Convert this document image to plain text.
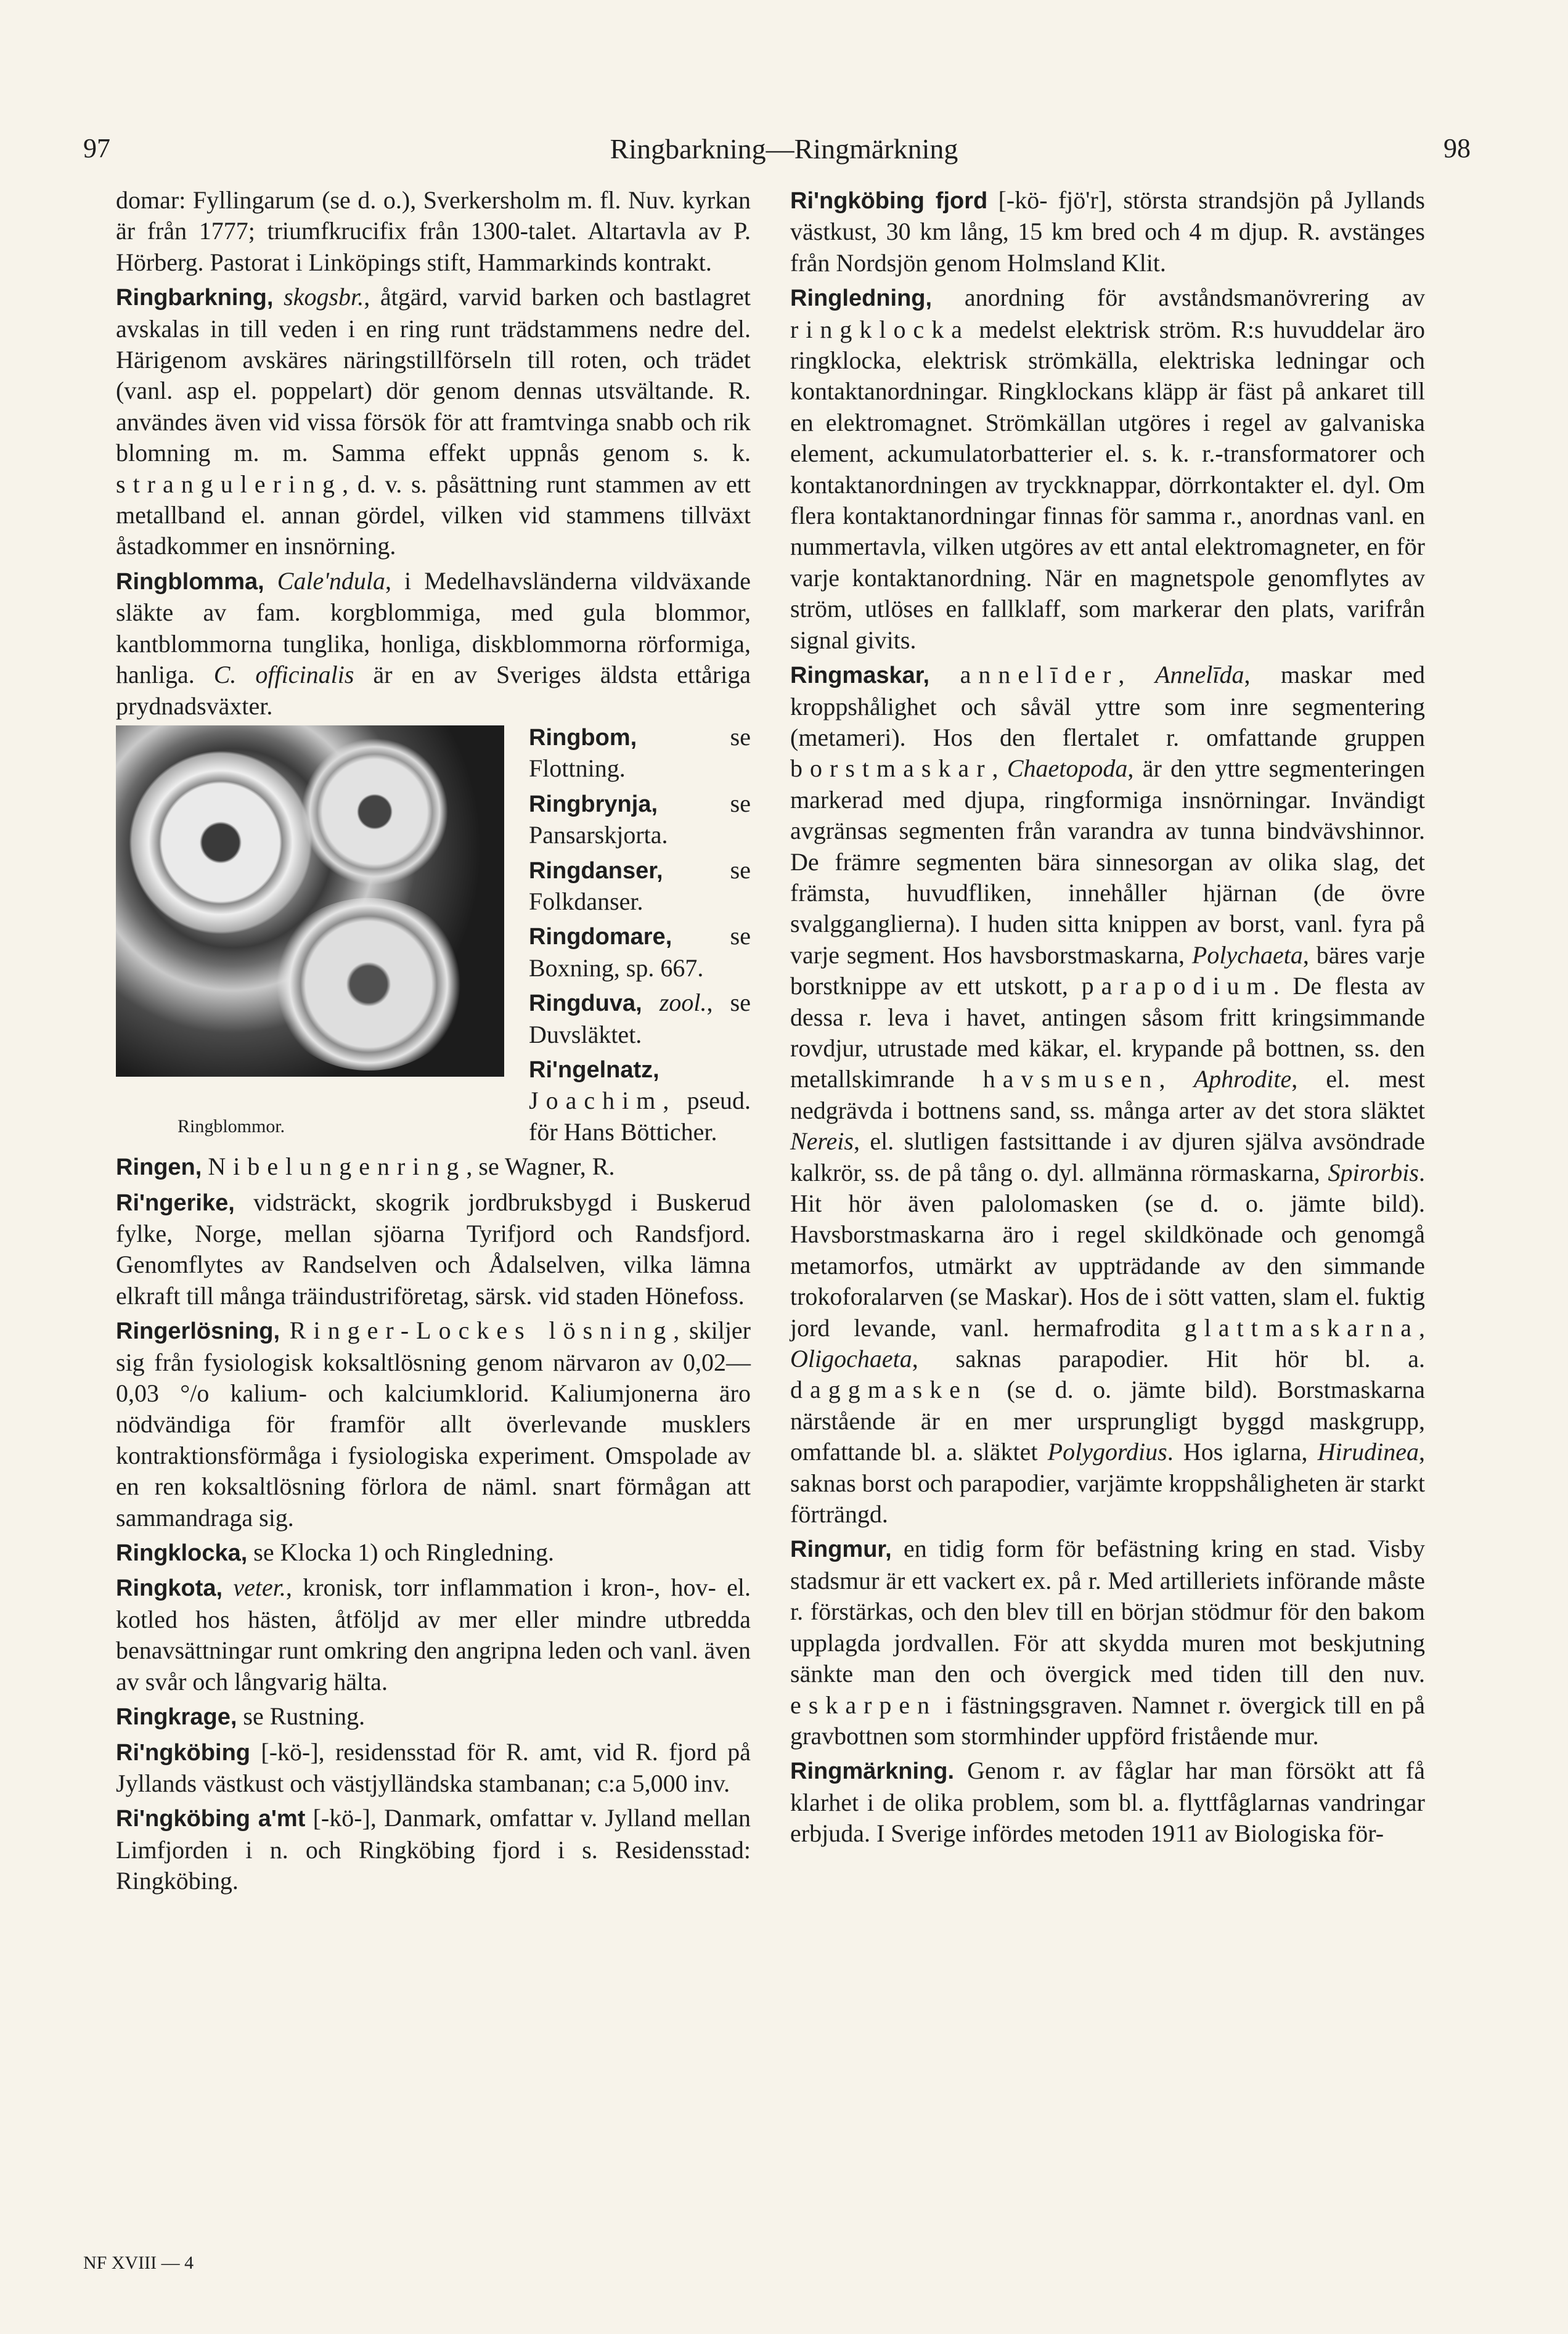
97	Ringbarkning—Ringmärkning	98

domar: Fyllingarum (se d. o.), Sverkersholm m. fl. Nuv. kyrkan är från 1777; triumfkrucifix från 1300-talet. Altartavla av P. Hörberg. Pastorat i Linköpings stift, Hammarkinds kontrakt.

Ringbarkning, skogsbr., åtgärd, varvid barken och bastlagret avskalas in till veden i en ring runt trädstammens nedre del. Härigenom avskäres näringstillförseln till roten, och trädet (vanl. asp el. poppelart) dör genom dennas utsvältande. R. användes även vid vissa försök för att framtvinga snabb och rik blomning m. m. Samma effekt uppnås genom s. k. strangulering, d. v. s. påsättning runt stammen av ett metallband el. annan gördel, vilken vid stammens tillväxt åstadkommer en insnörning.

Ringblomma, Cale'ndula, i Medelhavsländerna vildväxande släkte av fam. korgblommiga, med gula blommor, kantblommorna tunglika, honliga, diskblommorna rörformiga, hanliga. C. officinalis är en av Sveriges äldsta ettåriga prydnadsväxter.

Ringblommor.

Ringbom, se Flottning.

Ringbrynja, se Pansarskjorta.

Ringdanser, se Folkdanser.

Ringdomare, se Boxning, sp. 667.

Ringduva, zool., se Duvsläktet.

Ri'ngelnatz, Joachim, pseud. för Hans Bötticher.

Ringen, Nibelungenring, se Wagner, R.

Ri'ngerike, vidsträckt, skogrik jordbruksbygd i Buskerud fylke, Norge, mellan sjöarna Tyrifjord och Randsfjord. Genomflytes av Randselven och Ådalselven, vilka lämna elkraft till många träindustriföretag, särsk. vid staden Hönefoss.

Ringerlösning, Ringer-Lockes lösning, skiljer sig från fysiologisk koksaltlösning genom närvaron av 0,02—0,03 °/o kalium- och kalciumklorid. Kaliumjonerna äro nödvändiga för framför allt överlevande musklers kontraktionsförmåga i fysiologiska experiment. Omspolade av en ren koksaltlösning förlora de näml. snart förmågan att sammandraga sig.

Ringklocka, se Klocka 1) och Ringledning.

Ringkota, veter., kronisk, torr inflammation i kron-, hov- el. kotled hos hästen, åtföljd av mer eller mindre utbredda benavsättningar runt omkring den angripna leden och vanl. även av svår och långvarig hälta.

Ringkrage, se Rustning.

Ri'ngköbing [-kö-], residensstad för R. amt, vid R. fjord på Jyllands västkust och västjylländska stambanan; c:a 5,000 inv.

Ri'ngköbing a'mt [-kö-], Danmark, omfattar v. Jylland mellan Limfjorden i n. och Ringköbing fjord i s. Residensstad: Ringköbing.

NF XVIII — 4

Ri'ngköbing fjord [-kö- fjö'r], största strandsjön på Jyllands västkust, 30 km lång, 15 km bred och 4 m djup. R. avstänges från Nordsjön genom Holmsland Klit.

Ringledning, anordning för avståndsmanövrering av ringklocka medelst elektrisk ström. R:s huvuddelar äro ringklocka, elektrisk strömkälla, elektriska ledningar och kontaktanordningar. Ringklockans kläpp är fäst på ankaret till en elektromagnet. Strömkällan utgöres i regel av galvaniska element, ackumulatorbatterier el. s. k. r.-transformatorer och kontaktanordningen av tryckknappar, dörrkontakter el. dyl. Om flera kontaktanordningar finnas för samma r., anordnas vanl. en nummertavla, vilken utgöres av ett antal elektromagneter, en för varje kontaktanordning. När en magnetspole genomflytes av ström, utlöses en fallklaff, som markerar den plats, varifrån signal givits.

Ringmaskar, annelīder, Annelīda, maskar med kroppshålighet och såväl yttre som inre segmentering (metameri). Hos den flertalet r. omfattande gruppen borstmaskar, Chaetopoda, är den yttre segmenteringen markerad med djupa, ringformiga insnörningar. Invändigt avgränsas segmenten från varandra av tunna bindvävshinnor. De främre segmenten bära sinnesorgan av olika slag, det främsta, huvudfliken, innehåller hjärnan (de övre svalgganglierna). I huden sitta knippen av borst, vanl. fyra på varje segment. Hos havsborstmaskarna, Polychaeta, bäres varje borstknippe av ett utskott, parapodium. De flesta av dessa r. leva i havet, antingen såsom fritt kringsimmande rovdjur, utrustade med käkar, el. krypande på bottnen, ss. den metallskimrande havsmusen, Aphrodite, el. mest nedgrävda i bottnens sand, ss. många arter av det stora släktet Nereis, el. slutligen fastsittande i av djuren själva avsöndrade kalkrör, ss. de på tång o. dyl. allmänna rörmaskarna, Spirorbis. Hit hör även palolomasken (se d. o. jämte bild). Havsborstmaskarna äro i regel skildkönade och genomgå metamorfos, utmärkt av uppträdande av den simmande trokoforalarven (se Maskar). Hos de i sött vatten, slam el. fuktig jord levande, vanl. hermafrodita glattmaskarna, Oligochaeta, saknas parapodier. Hit hör bl. a. daggmasken (se d. o. jämte bild). Borstmaskarna närstående är en mer ursprungligt byggd maskgrupp, omfattande bl. a. släktet Polygordius. Hos iglarna, Hirudinea, saknas borst och parapodier, varjämte kroppshåligheten är starkt förträngd.

Ringmur, en tidig form för befästning kring en stad. Visby stadsmur är ett vackert ex. på r. Med artilleriets införande måste r. förstärkas, och den blev till en början stödmur för den bakom upplagda jordvallen. För att skydda muren mot beskjutning sänkte man den och övergick med tiden till den nuv. eskarpen i fästningsgraven. Namnet r. övergick till en på gravbottnen som stormhinder uppförd fristående mur.

Ringmärkning. Genom r. av fåglar har man försökt att få klarhet i de olika problem, som bl. a. flyttfåglarnas vandringar erbjuda. I Sverige infördes metoden 1911 av Biologiska för-
